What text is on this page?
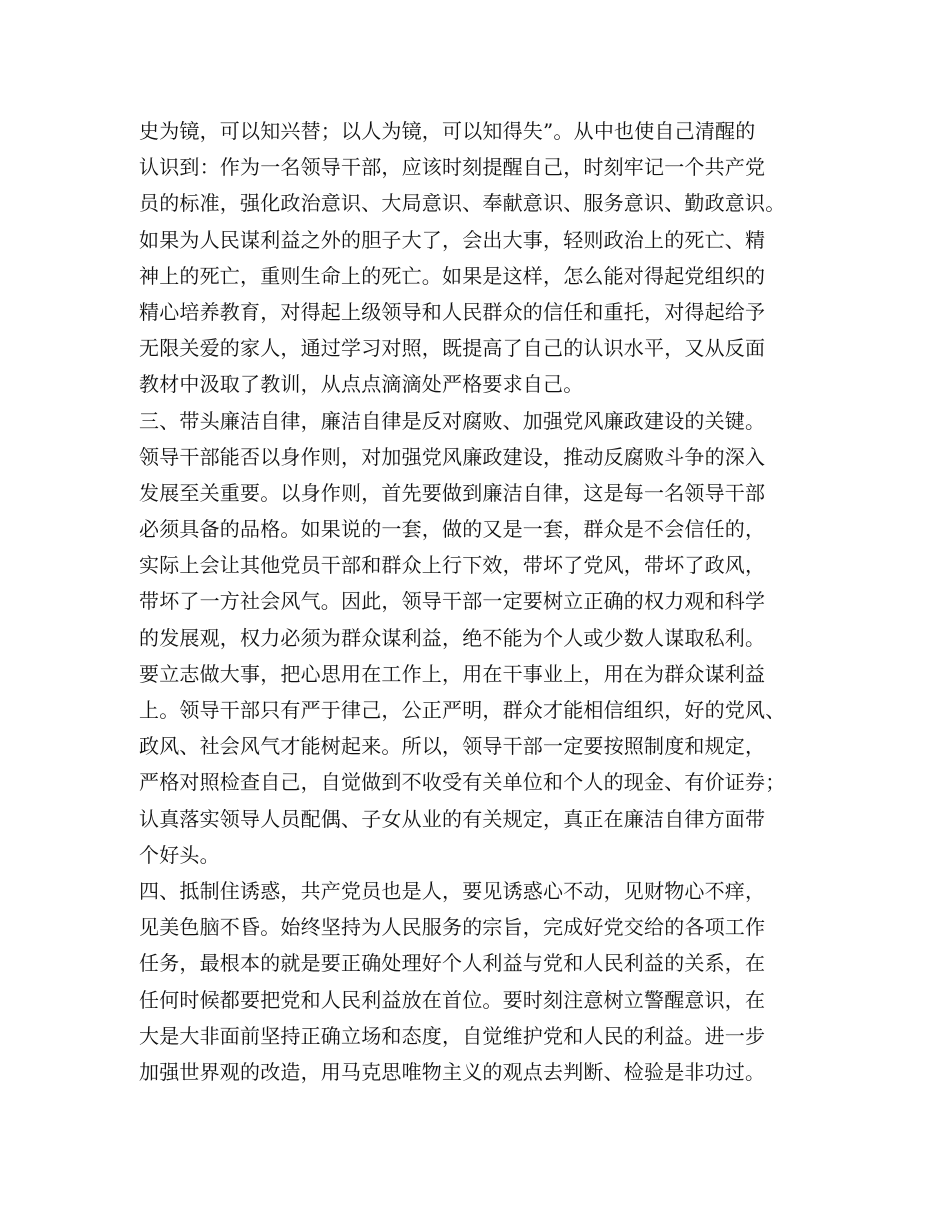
史为镜，可以知兴替；以人为镜，可以知得失”。从中也使自己清醒的
认识到：作为一名领导干部，应该时刻提醒自己，时刻牢记一个共产党
员的标准，强化政治意识、大局意识、奉献意识、服务意识、勤政意识。
如果为人民谋利益之外的胆子大了，会出大事，轻则政治上的死亡、精
神上的死亡，重则生命上的死亡。如果是这样，怎么能对得起党组织的
精心培养教育，对得起上级领导和人民群众的信任和重托，对得起给予
无限关爱的家人，通过学习对照，既提高了自己的认识水平，又从反面
教材中汲取了教训，从点点滴滴处严格要求自己。
三、带头廉洁自律，廉洁自律是反对腐败、加强党风廉政建设的关键。
领导干部能否以身作则，对加强党风廉政建设，推动反腐败斗争的深入
发展至关重要。以身作则，首先要做到廉洁自律，这是每一名领导干部
必须具备的品格。如果说的一套，做的又是一套，群众是不会信任的，
实际上会让其他党员干部和群众上行下效，带坏了党风，带坏了政风，
带坏了一方社会风气。因此，领导干部一定要树立正确的权力观和科学
的发展观，权力必须为群众谋利益，绝不能为个人或少数人谋取私利。
要立志做大事，把心思用在工作上，用在干事业上，用在为群众谋利益
上。领导干部只有严于律己，公正严明，群众才能相信组织，好的党风、
政风、社会风气才能树起来。所以，领导干部一定要按照制度和规定，
严格对照检查自己，自觉做到不收受有关单位和个人的现金、有价证券；
认真落实领导人员配偶、子女从业的有关规定，真正在廉洁自律方面带
个好头。
四、抵制住诱惑，共产党员也是人，要见诱惑心不动，见财物心不痒，
见美色脑不昏。始终坚持为人民服务的宗旨，完成好党交给的各项工作
任务，最根本的就是要正确处理好个人利益与党和人民利益的关系，在
任何时候都要把党和人民利益放在首位。要时刻注意树立警醒意识，在
大是大非面前坚持正确立场和态度，自觉维护党和人民的利益。进一步
加强世界观的改造，用马克思唯物主义的观点去判断、检验是非功过。
